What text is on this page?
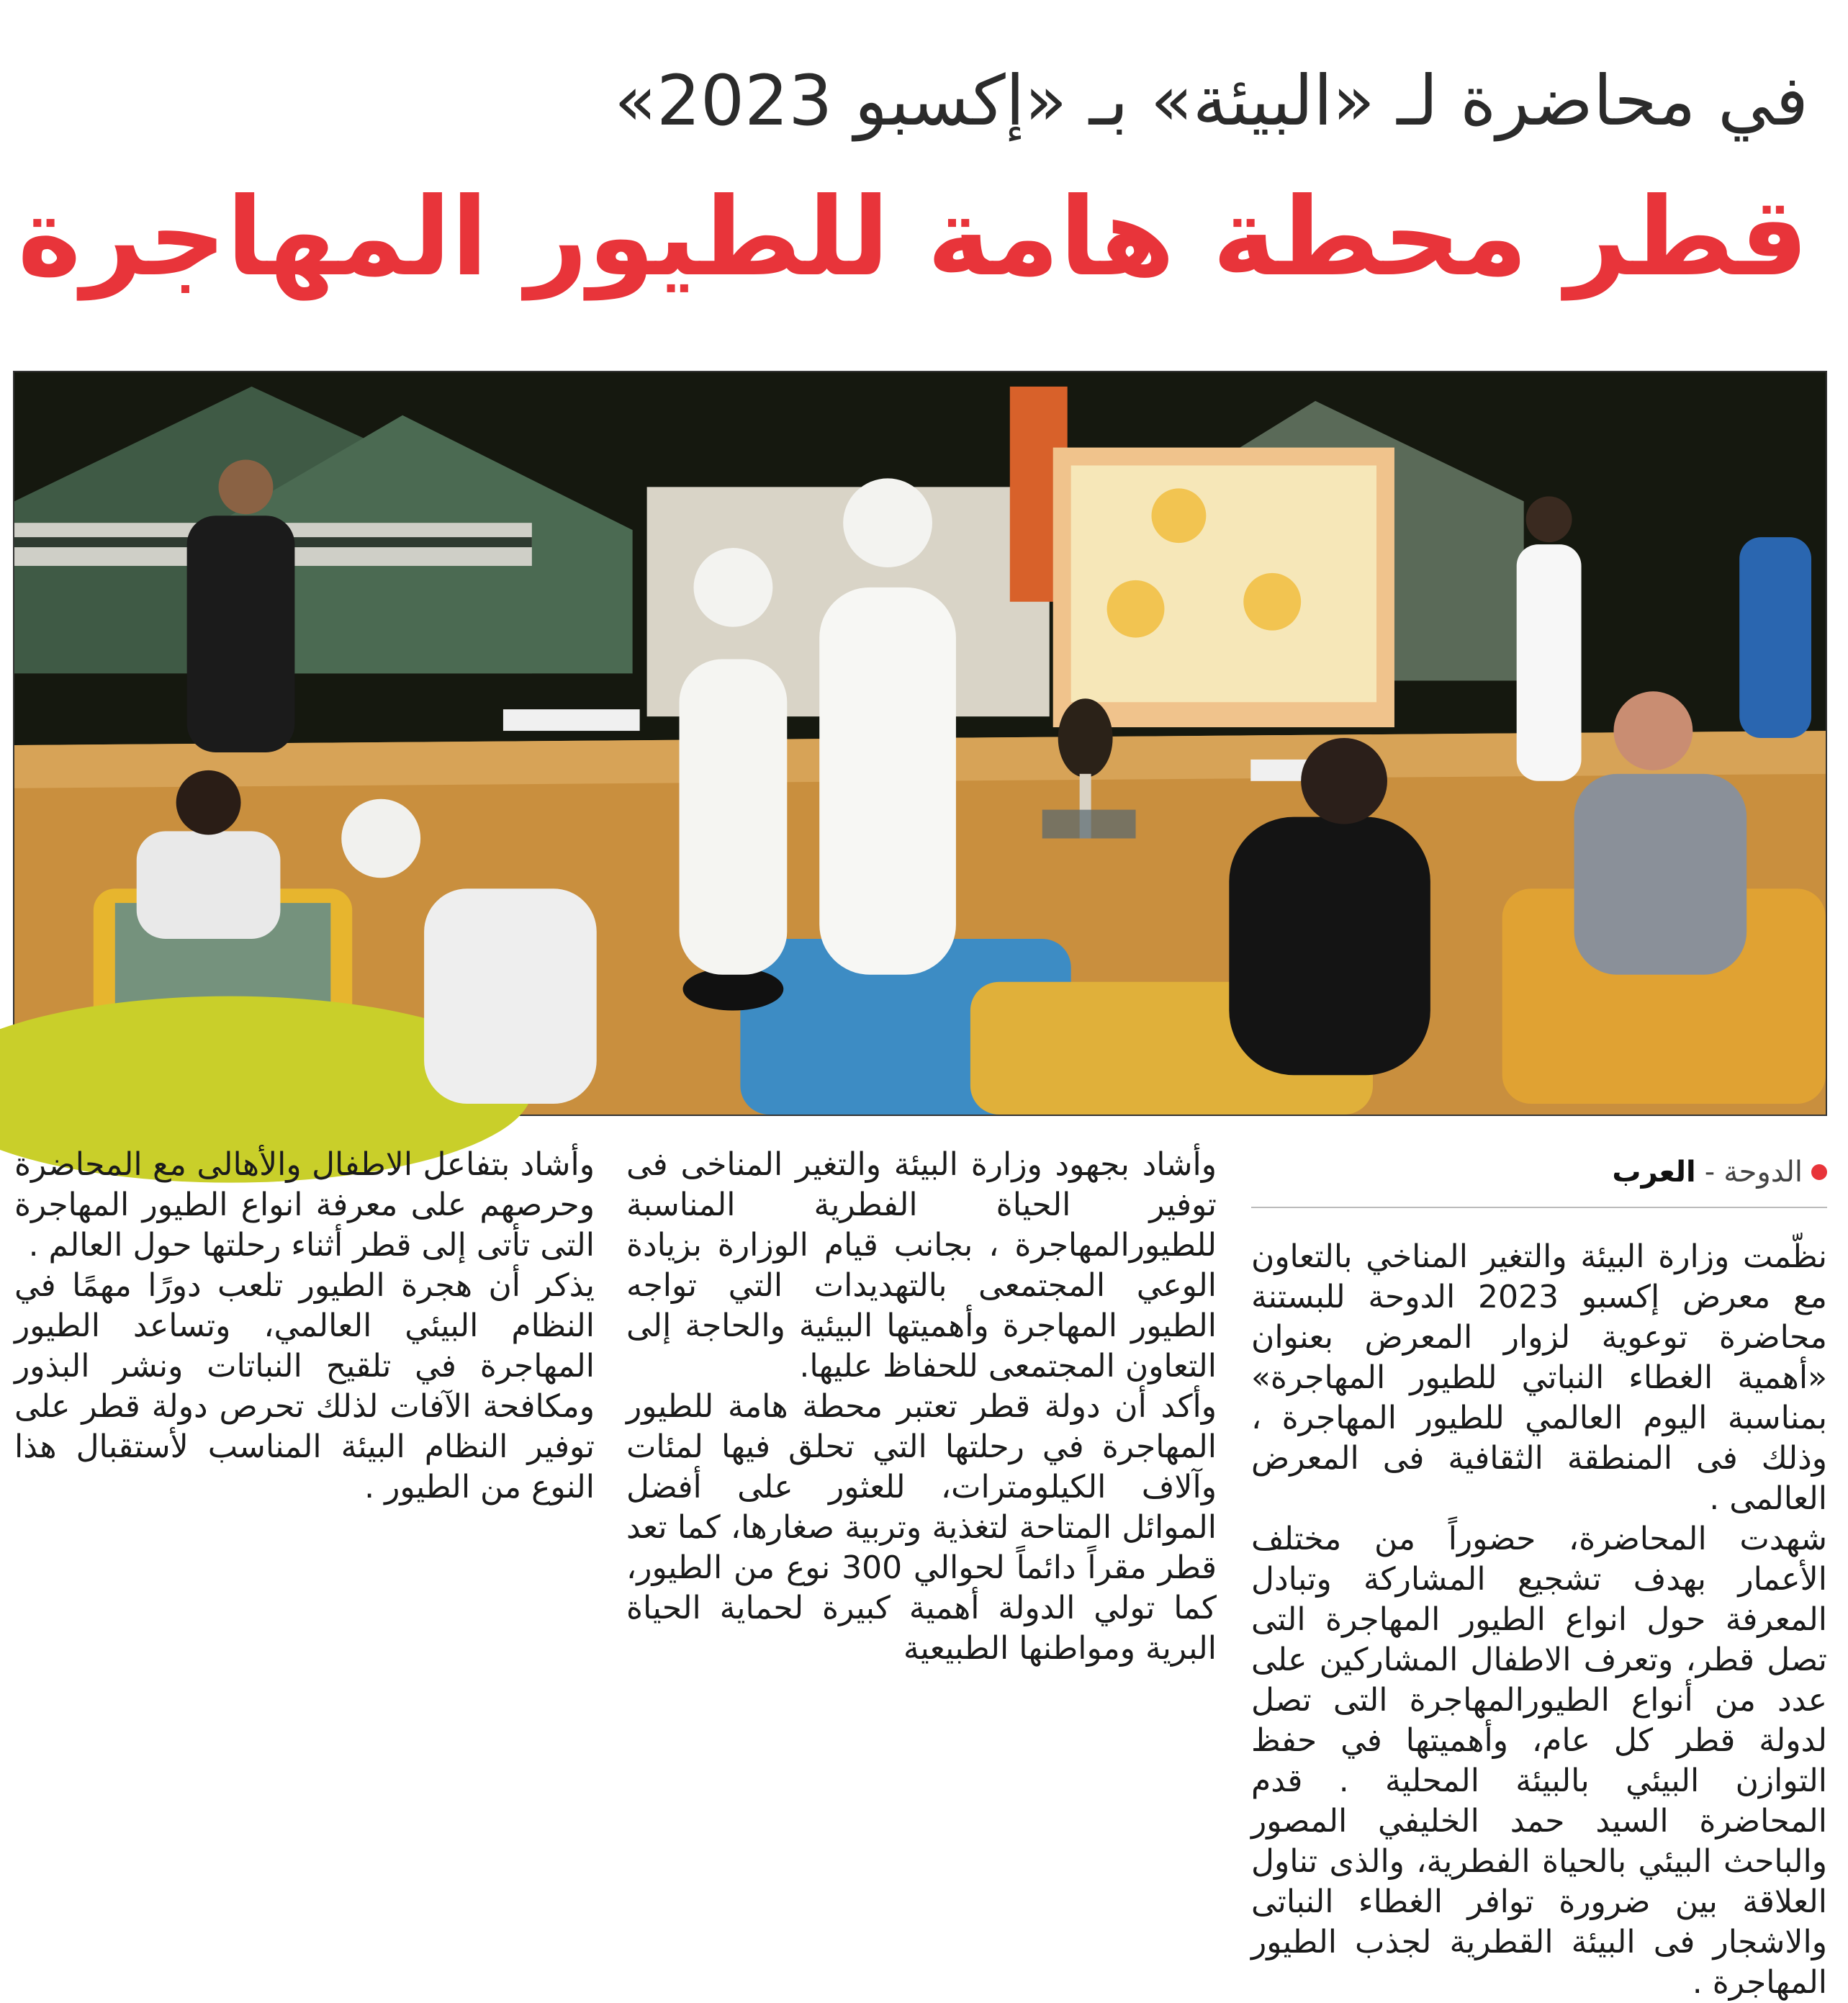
في محاضرة لـ «البيئة» بـ «إكسبو 2023»
قطر محطة هامة للطيور المهاجرة
الدوحة
-
العرب

نظّمت وزارة البيئة والتغير المناخي بالتعاون مع معرض إكسبو 2023 الدوحة للبستنة محاضرة توعوية لزوار المعرض بعنوان «أهمية الغطاء النباتي للطيور المهاجرة» بمناسبة اليوم العالمي للطيور المهاجرة ، وذلك فى المنطقة الثقافية فى المعرض العالمى .

شهدت المحاضرة، حضوراً من مختلف الأعمار بهدف تشجيع المشاركة وتبادل المعرفة حول انواع الطيور المهاجرة التى تصل قطر، وتعرف الاطفال المشاركين على عدد من أنواع الطيورالمهاجرة التى تصل لدولة قطر كل عام، وأهميتها في حفظ التوازن البيئي بالبيئة المحلية . قدم المحاضرة السيد حمد الخليفي المصور والباحث البيئي بالحياة الفطرية، والذى تناول العلاقة بين ضرورة توافر الغطاء النباتى والاشجار فى البيئة القطرية لجذب الطيور المهاجرة .

وأشاد بجهود وزارة البيئة والتغير المناخى فى توفير الحياة الفطرية المناسبة للطيورالمهاجرة ، بجانب قيام الوزارة بزيادة الوعي المجتمعى بالتهديدات التي تواجه الطيور المهاجرة وأهميتها البيئية والحاجة إلى التعاون المجتمعى للحفاظ عليها.

وأكد أن دولة قطر تعتبر محطة هامة للطيور المهاجرة في رحلتها التي تحلق فيها لمئات وآلاف الكيلومترات، للعثور على أفضل المواﺋﻞ المتاحة لتغذية وتربية صغارها، كما تعد قطر مقراً دائماً لحوالي 300 نوع من الطيور، كما تولي الدولة أهمية كبيرة لحماية الحياة البرية ومواطنها الطبيعية

وأشاد بتفاعل الاطفال والأهالى مع المحاضرة وحرصهم على معرفة انواع الطيور المهاجرة التى تأتى إلى قطر أثناء رحلتها حول العالم .

يذكر أن هجرة الطيور تلعب دورًا مهمًا في النظام البيئي العالمي، وتساعد الطيور المهاجرة في تلقيح النباتات ونشر البذور ومكافحة الآفات لذلك تحرص دولة قطر على توفير النظام البيئة المناسب لأستقبال هذا النوع من الطيور .
